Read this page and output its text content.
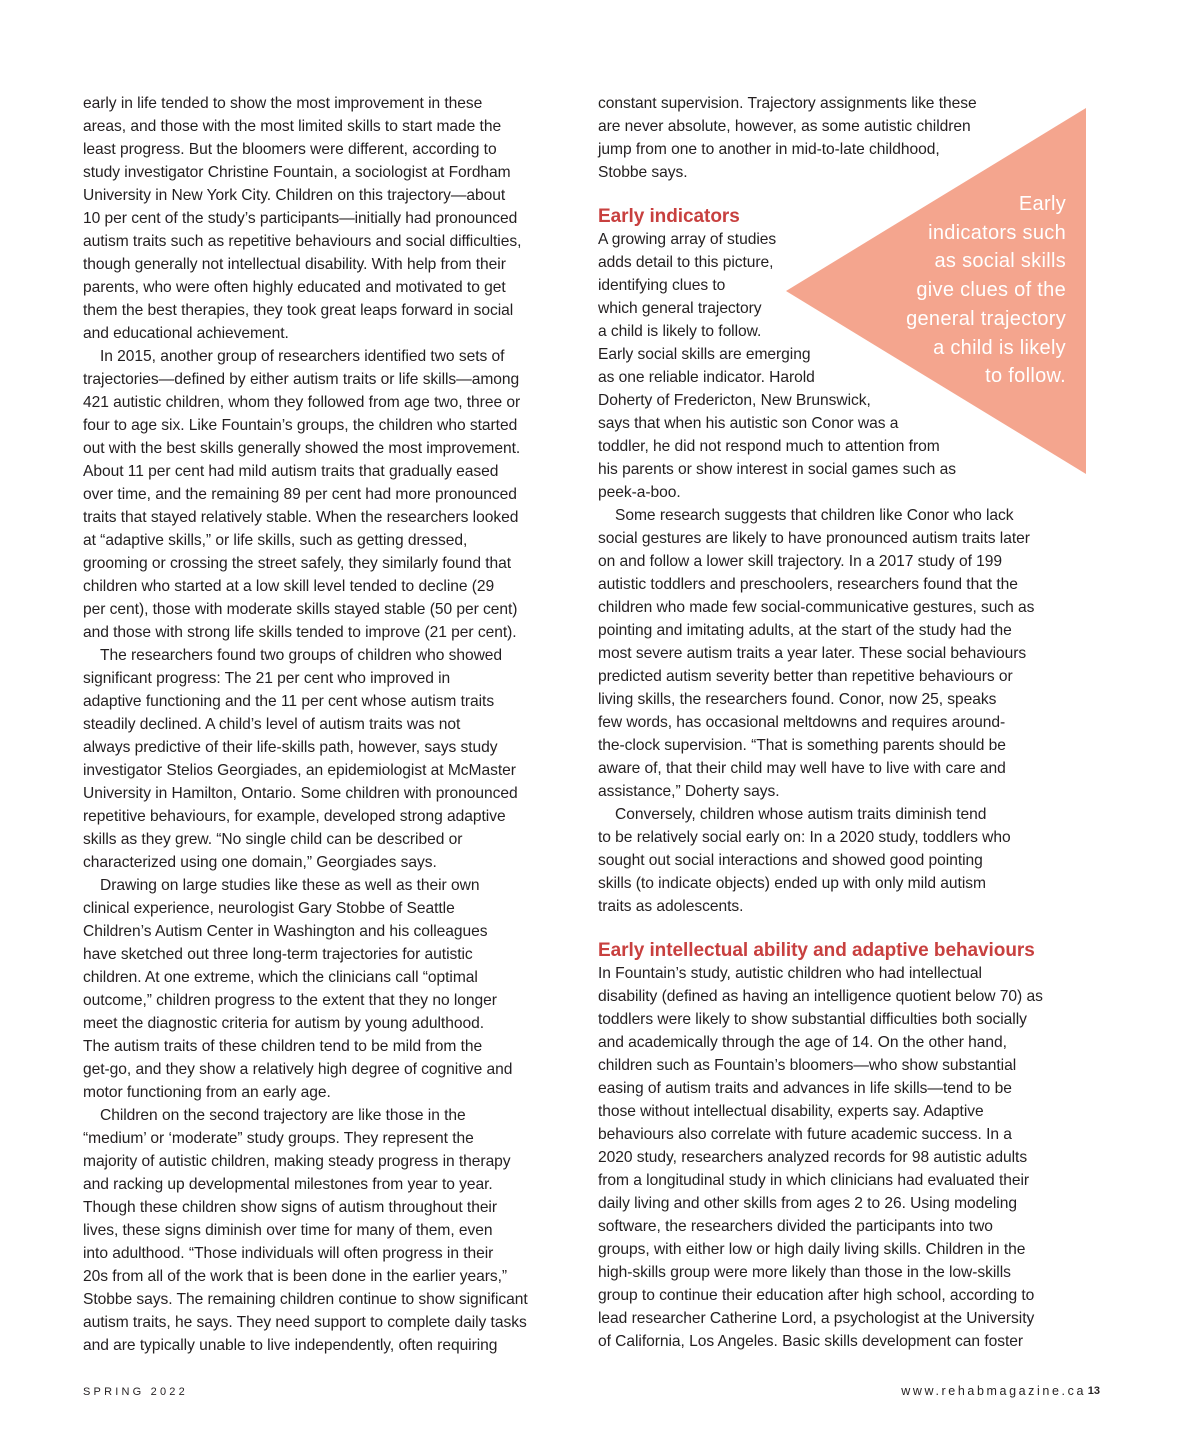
early in life tended to show the most improvement in these
areas, and those with the most limited skills to start made the
least progress. But the bloomers were different, according to
study investigator Christine Fountain, a sociologist at Fordham
University in New York City. Children on this trajectory—about
10 per cent of the study’s participants—initially had pronounced
autism traits such as repetitive behaviours and social difficulties,
though generally not intellectual disability. With help from their
parents, who were often highly educated and motivated to get
them the best therapies, they took great leaps forward in social
and educational achievement.
In 2015, another group of researchers identified two sets of
trajectories—defined by either autism traits or life skills—among
421 autistic children, whom they followed from age two, three or
four to age six. Like Fountain’s groups, the children who started
out with the best skills generally showed the most improvement.
About 11 per cent had mild autism traits that gradually eased
over time, and the remaining 89 per cent had more pronounced
traits that stayed relatively stable. When the researchers looked
at “adaptive skills,” or life skills, such as getting dressed,
grooming or crossing the street safely, they similarly found that
children who started at a low skill level tended to decline (29
per cent), those with moderate skills stayed stable (50 per cent)
and those with strong life skills tended to improve (21 per cent).
The researchers found two groups of children who showed
significant progress: The 21 per cent who improved in
adaptive functioning and the 11 per cent whose autism traits
steadily declined. A child’s level of autism traits was not
always predictive of their life-skills path, however, says study
investigator Stelios Georgiades, an epidemiologist at McMaster
University in Hamilton, Ontario. Some children with pronounced
repetitive behaviours, for example, developed strong adaptive
skills as they grew. “No single child can be described or
characterized using one domain,” Georgiades says.
Drawing on large studies like these as well as their own
clinical experience, neurologist Gary Stobbe of Seattle
Children’s Autism Center in Washington and his colleagues
have sketched out three long-term trajectories for autistic
children. At one extreme, which the clinicians call “optimal
outcome,” children progress to the extent that they no longer
meet the diagnostic criteria for autism by young adulthood.
The autism traits of these children tend to be mild from the
get-go, and they show a relatively high degree of cognitive and
motor functioning from an early age.
Children on the second trajectory are like those in the
“medium’ or ‘moderate” study groups. They represent the
majority of autistic children, making steady progress in therapy
and racking up developmental milestones from year to year.
Though these children show signs of autism throughout their
lives, these signs diminish over time for many of them, even
into adulthood. “Those individuals will often progress in their
20s from all of the work that is been done in the earlier years,”
Stobbe says. The remaining children continue to show significant
autism traits, he says. They need support to complete daily tasks
and are typically unable to live independently, often requiring
constant supervision. Trajectory assignments like these
are never absolute, however, as some autistic children
jump from one to another in mid-to-late childhood,
Stobbe says.
Early indicators
A growing array of studies
adds detail to this picture,
identifying clues to
which general trajectory
a child is likely to follow.
Early social skills are emerging
as one reliable indicator. Harold
Doherty of Fredericton, New Brunswick,
says that when his autistic son Conor was a
toddler, he did not respond much to attention from
his parents or show interest in social games such as
peek-a-boo.
Some research suggests that children like Conor who lack
social gestures are likely to have pronounced autism traits later
on and follow a lower skill trajectory. In a 2017 study of 199
autistic toddlers and preschoolers, researchers found that the
children who made few social-communicative gestures, such as
pointing and imitating adults, at the start of the study had the
most severe autism traits a year later. These social behaviours
predicted autism severity better than repetitive behaviours or
living skills, the researchers found. Conor, now 25, speaks
few words, has occasional meltdowns and requires around-
the-clock supervision. “That is something parents should be
aware of, that their child may well have to live with care and
assistance,” Doherty says.
Conversely, children whose autism traits diminish tend
to be relatively social early on: In a 2020 study, toddlers who
sought out social interactions and showed good pointing
skills (to indicate objects) ended up with only mild autism
traits as adolescents.
Early intellectual ability and adaptive behaviours
In Fountain’s study, autistic children who had intellectual
disability (defined as having an intelligence quotient below 70) as
toddlers were likely to show substantial difficulties both socially
and academically through the age of 14. On the other hand,
children such as Fountain’s bloomers—who show substantial
easing of autism traits and advances in life skills—tend to be
those without intellectual disability, experts say. Adaptive
behaviours also correlate with future academic success. In a
2020 study, researchers analyzed records for 98 autistic adults
from a longitudinal study in which clinicians had evaluated their
daily living and other skills from ages 2 to 26. Using modeling
software, the researchers divided the participants into two
groups, with either low or high daily living skills. Children in the
high-skills group were more likely than those in the low-skills
group to continue their education after high school, according to
lead researcher Catherine Lord, a psychologist at the University
of California, Los Angeles. Basic skills development can foster
Early
indicators such
as social skills
give clues of the
general trajectory
a child is likely
to follow.
SPRING 2022	www.rehabmagazine.ca 13
